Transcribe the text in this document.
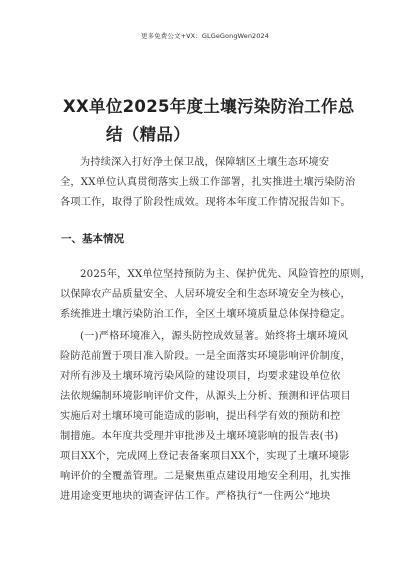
更多免费公文+VX：GLGeGongWen2024
XX单位2025年度土壤污染防治工作总
结（精品）
为持续深入打好净土保卫战，保障辖区土壤生态环境安
全，XX单位认真贯彻落实上级工作部署，扎实推进土壤污染防治
各项工作，取得了阶段性成效。现将本年度工作情况报告如下。
一、基本情况
2025年，XX单位坚持预防为主、保护优先、风险管控的原则，
以保障农产品质量安全、人居环境安全和生态环境安全为核心，
系统推进土壤污染防治工作，全区土壤环境质量总体保持稳定。
(一)严格环境准入，源头防控成效显著。始终将土壤环境风
险防范前置于项目准入阶段。一是全面落实环境影响评价制度，
对所有涉及土壤环境污染风险的建设项目，均要求建设单位依
法依规编制环境影响评价文件，从源头上分析、预测和评估项目
实施后对土壤环境可能造成的影响，提出科学有效的预防和控
制措施。本年度共受理并审批涉及土壤环境影响的报告表(书)
项目XX个，完成网上登记表备案项目XX个，实现了土壤环境影
响评价的全覆盖管理。二是聚焦重点建设用地安全利用，扎实推
进用途变更地块的调查评估工作。严格执行“一住两公”地块
